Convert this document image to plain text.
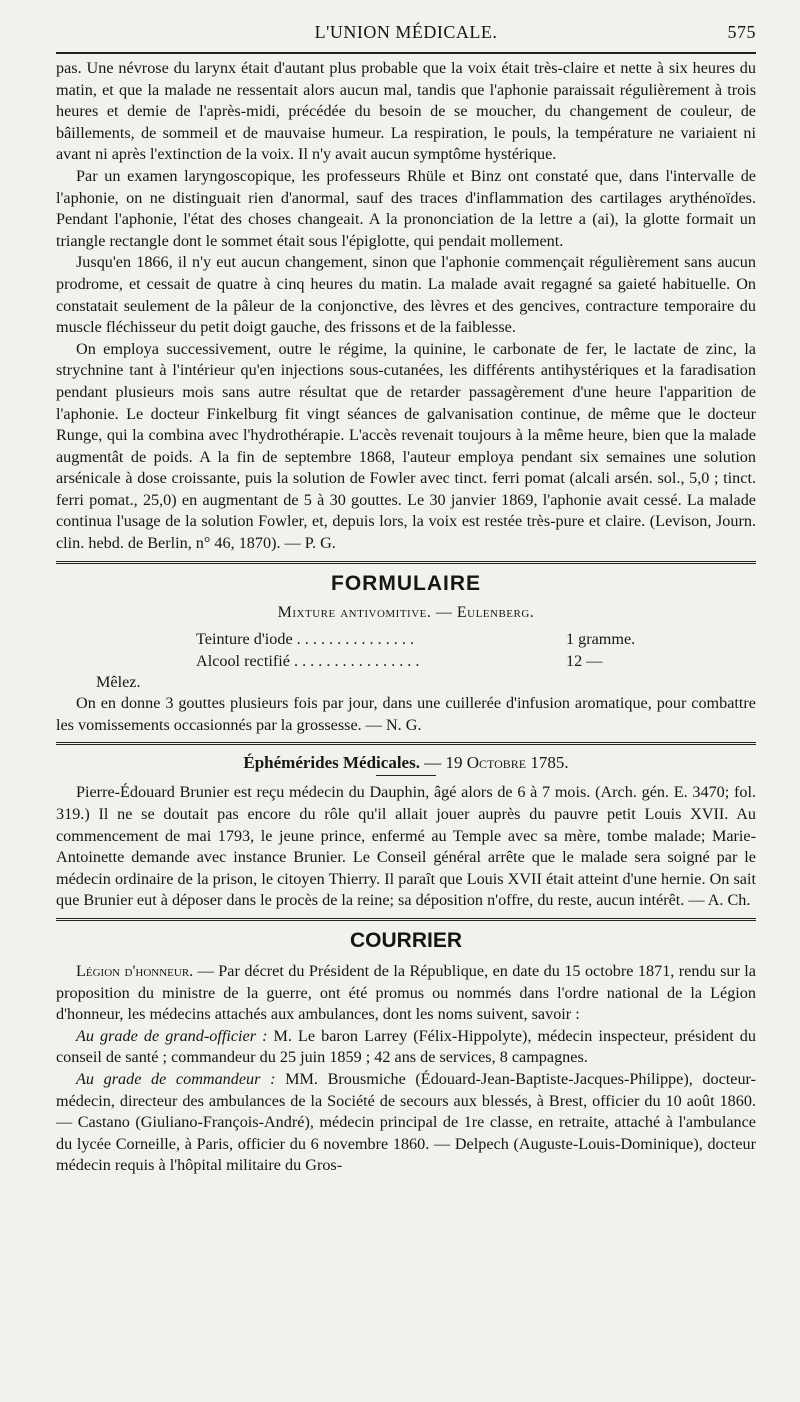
L'UNION MÉDICALE.	575

pas. Une névrose du larynx était d'autant plus probable que la voix était très-claire et nette à six heures du matin, et que la malade ne ressentait alors aucun mal, tandis que l'aphonie paraissait régulièrement à trois heures et demie de l'après-midi, précédée du besoin de se moucher, du changement de couleur, de bâillements, de sommeil et de mauvaise humeur. La respiration, le pouls, la température ne variaient ni avant ni après l'extinction de la voix. Il n'y avait aucun symptôme hystérique.

Par un examen laryngoscopique, les professeurs Rhüle et Binz ont constaté que, dans l'intervalle de l'aphonie, on ne distinguait rien d'anormal, sauf des traces d'inflammation des cartilages arythénoïdes. Pendant l'aphonie, l'état des choses changeait. A la prononciation de la lettre a (ai), la glotte formait un triangle rectangle dont le sommet était sous l'épiglotte, qui pendait mollement.

Jusqu'en 1866, il n'y eut aucun changement, sinon que l'aphonie commençait régulièrement sans aucun prodrome, et cessait de quatre à cinq heures du matin. La malade avait regagné sa gaieté habituelle. On constatait seulement de la pâleur de la conjonctive, des lèvres et des gencives, contracture temporaire du muscle fléchisseur du petit doigt gauche, des frissons et de la faiblesse.

On employa successivement, outre le régime, la quinine, le carbonate de fer, le lactate de zinc, la strychnine tant à l'intérieur qu'en injections sous-cutanées, les différents antihystériques et la faradisation pendant plusieurs mois sans autre résultat que de retarder passagèrement d'une heure l'apparition de l'aphonie. Le docteur Finkelburg fit vingt séances de galvanisation continue, de même que le docteur Runge, qui la combina avec l'hydrothérapie. L'accès revenait toujours à la même heure, bien que la malade augmentât de poids. A la fin de septembre 1868, l'auteur employa pendant six semaines une solution arsénicale à dose croissante, puis la solution de Fowler avec tinct. ferri pomat (alcali arsén. sol., 5,0 ; tinct. ferri pomat., 25,0) en augmentant de 5 à 30 gouttes. Le 30 janvier 1869, l'aphonie avait cessé. La malade continua l'usage de la solution Fowler, et, depuis lors, la voix est restée très-pure et claire. (Levison, Journ. clin. hebd. de Berlin, n° 46, 1870). — P. G.

FORMULAIRE
Mixture antivomitive. — Eulenberg.
Teinture d'iode . . . . . . . . . . . . . . .	1 gramme.
Alcool rectifié . . . . . . . . . . . . . . . .	12 —

Mêlez.

On en donne 3 gouttes plusieurs fois par jour, dans une cuillerée d'infusion aromatique, pour combattre les vomissements occasionnés par la grossesse. — N. G.

Éphémérides Médicales. — 19 Octobre 1785.

Pierre-Édouard Brunier est reçu médecin du Dauphin, âgé alors de 6 à 7 mois. (Arch. gén. E. 3470; fol. 319.) Il ne se doutait pas encore du rôle qu'il allait jouer auprès du pauvre petit Louis XVII. Au commencement de mai 1793, le jeune prince, enfermé au Temple avec sa mère, tombe malade; Marie-Antoinette demande avec instance Brunier. Le Conseil général arrête que le malade sera soigné par le médecin ordinaire de la prison, le citoyen Thierry. Il paraît que Louis XVII était atteint d'une hernie. On sait que Brunier eut à déposer dans le procès de la reine; sa déposition n'offre, du reste, aucun intérêt. — A. Ch.

COURRIER

Légion d'honneur. — Par décret du Président de la République, en date du 15 octobre 1871, rendu sur la proposition du ministre de la guerre, ont été promus ou nommés dans l'ordre national de la Légion d'honneur, les médecins attachés aux ambulances, dont les noms suivent, savoir :

Au grade de grand-officier : M. Le baron Larrey (Félix-Hippolyte), médecin inspecteur, président du conseil de santé ; commandeur du 25 juin 1859 ; 42 ans de services, 8 campagnes.

Au grade de commandeur : MM. Brousmiche (Édouard-Jean-Baptiste-Jacques-Philippe), docteur-médecin, directeur des ambulances de la Société de secours aux blessés, à Brest, officier du 10 août 1860. — Castano (Giuliano-François-André), médecin principal de 1re classe, en retraite, attaché à l'ambulance du lycée Corneille, à Paris, officier du 6 novembre 1860. — Delpech (Auguste-Louis-Dominique), docteur médecin requis à l'hôpital militaire du Gros-
